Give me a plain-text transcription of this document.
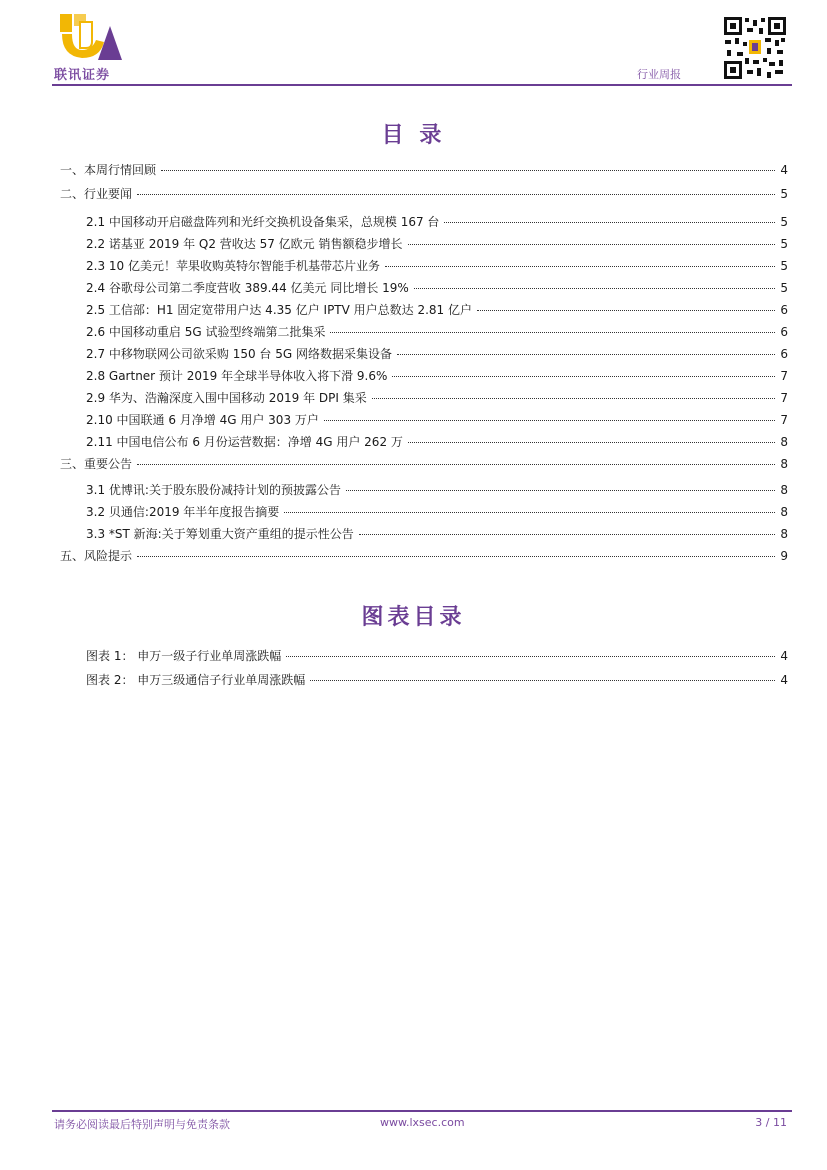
联讯证券	行业周报
目 录
一、本周行情回顾	4
二、行业要闻	5
2.1 中国移动开启磁盘阵列和光纤交换机设备集采，总规模 167 台	5
2.2 诺基亚 2019 年 Q2 营收达 57 亿欧元 销售额稳步增长	5
2.3 10 亿美元！苹果收购英特尔智能手机基带芯片业务	5
2.4 谷歌母公司第二季度营收 389.44 亿美元 同比增长 19%	5
2.5 工信部：H1 固定宽带用户达 4.35 亿户 IPTV 用户总数达 2.81 亿户	6
2.6 中国移动重启 5G 试验型终端第二批集采	6
2.7 中移物联网公司欲采购 150 台 5G 网络数据采集设备	6
2.8 Gartner 预计 2019 年全球半导体收入将下滑 9.6%	7
2.9 华为、浩瀚深度入围中国移动 2019 年 DPI 集采	7
2.10 中国联通 6 月净增 4G 用户 303 万户	7
2.11 中国电信公布 6 月份运营数据：净增 4G 用户 262 万	8
三、重要公告	8
3.1 优博讯:关于股东股份减持计划的预披露公告	8
3.2 贝通信:2019 年半年度报告摘要	8
3.3 *ST 新海:关于筹划重大资产重组的提示性公告	8
五、风险提示	9
图表目录
图表 1： 申万一级子行业单周涨跌幅	4
图表 2： 申万三级通信子行业单周涨跌幅	4
请务必阅读最后特别声明与免责条款	www.lxsec.com	3 / 11
